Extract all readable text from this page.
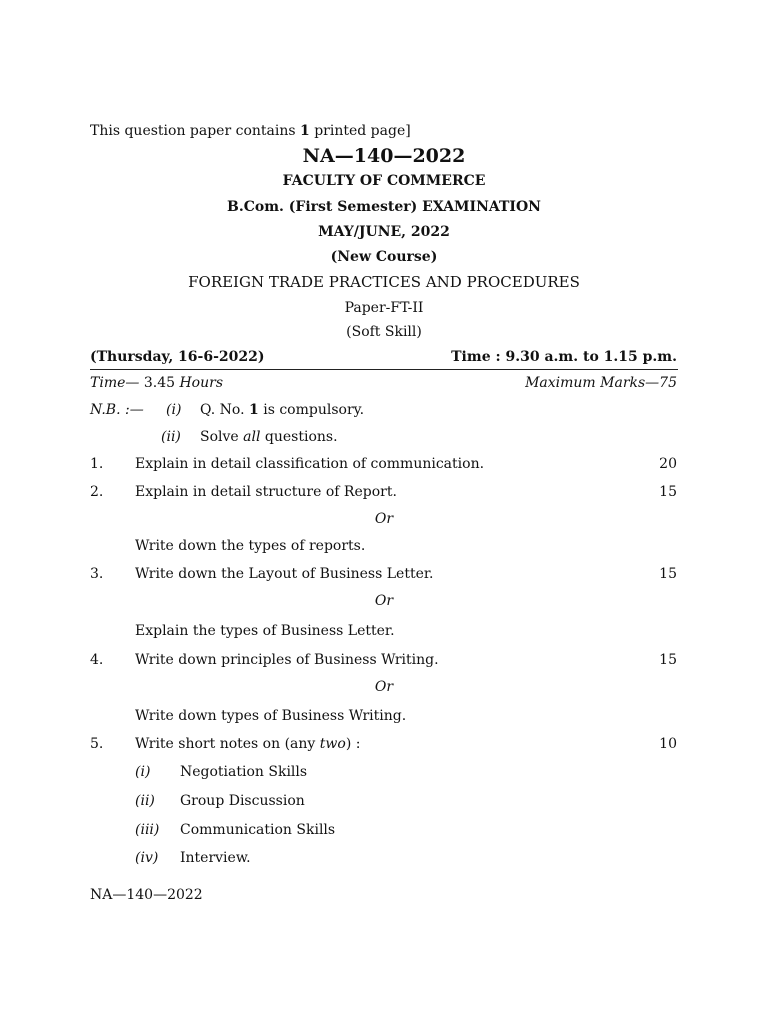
This question paper contains 1 printed page]
NA—140—2022
FACULTY OF COMMERCE
B.Com. (First Semester) EXAMINATION
MAY/JUNE, 2022
(New Course)
FOREIGN TRADE PRACTICES AND PROCEDURES
Paper-FT-II
(Soft Skill)
(Thursday, 16-6-2022)	Time : 9.30 a.m. to 1.15 p.m.
Time— 3.45 Hours	Maximum Marks—75
N.B. :— (i) Q. No. 1 is compulsory.
(ii) Solve all questions.
1. Explain in detail classification of communication.	20
2. Explain in detail structure of Report.	15
Or
Write down the types of reports.
3. Write down the Layout of Business Letter.	15
Or
Explain the types of Business Letter.
4. Write down principles of Business Writing.	15
Or
Write down types of Business Writing.
5. Write short notes on (any two) :	10
(i) Negotiation Skills
(ii) Group Discussion
(iii) Communication Skills
(iv) Interview.
NA—140—2022
